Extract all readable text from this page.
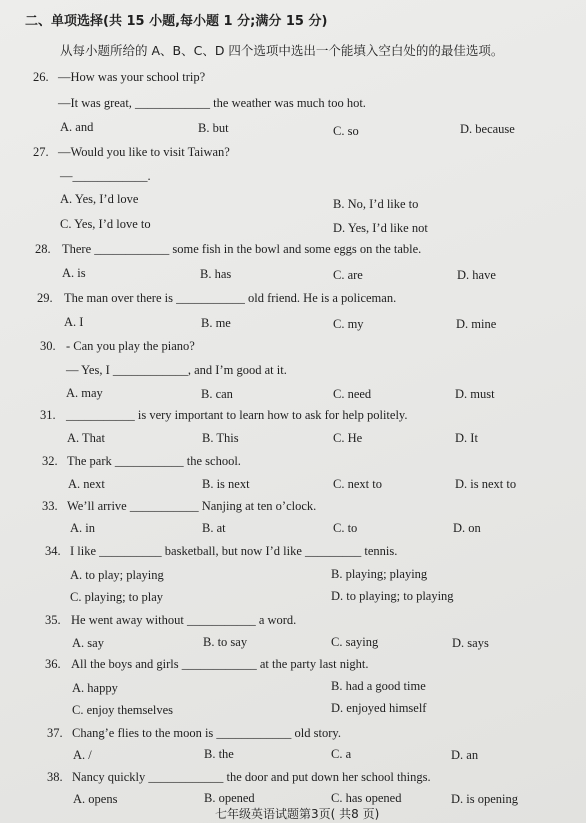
二、单项选择(共 15 小题,每小题 1 分;满分 15 分)
从每小题所给的 A、B、C、D 四个选项中选出一个能填入空白处的的最佳选项。
26. —How was your school trip?
—It was great, ____________ the weather was much too hot.
A. and	B. but	C. so	D. because
27. —Would you like to visit Taiwan?
—____________.
A. Yes, I’d love	B. No, I’d like to
C. Yes, I’d love to	D. Yes, I’d like not
28. There ____________ some fish in the bowl and some eggs on the table.
A. is	B. has	C. are	D. have
29. The man over there is ___________ old friend. He is a policeman.
A. I	B. me	C. my	D. mine
30. - Can you play the piano?
— Yes, I ____________, and I’m good at it.
A. may	B. can	C. need	D. must
31. ___________ is very important to learn how to ask for help politely.
A. That	B. This	C. He	D. It
32. The park ___________ the school.
A. next	B. is next	C. next to	D. is next to
33. We’ll arrive ___________ Nanjing at ten o’clock.
A. in	B. at	C. to	D. on
34. I like __________ basketball, but now I’d like _________ tennis.
A. to play; playing	B. playing; playing
C. playing; to play	D. to playing; to playing
35. He went away without ___________ a word.
A. say	B. to say	C. saying	D. says
36. All the boys and girls ____________ at the party last night.
A. happy	B. had a good time
C. enjoy themselves	D. enjoyed himself
37. Chang’e flies to the moon is ____________ old story.
A. /	B. the	C. a	D. an
38. Nancy quickly ____________ the door and put down her school things.
A. opens	B. opened	C. has opened	D. is opening
七年级英语试题第3页( 共8 页)
